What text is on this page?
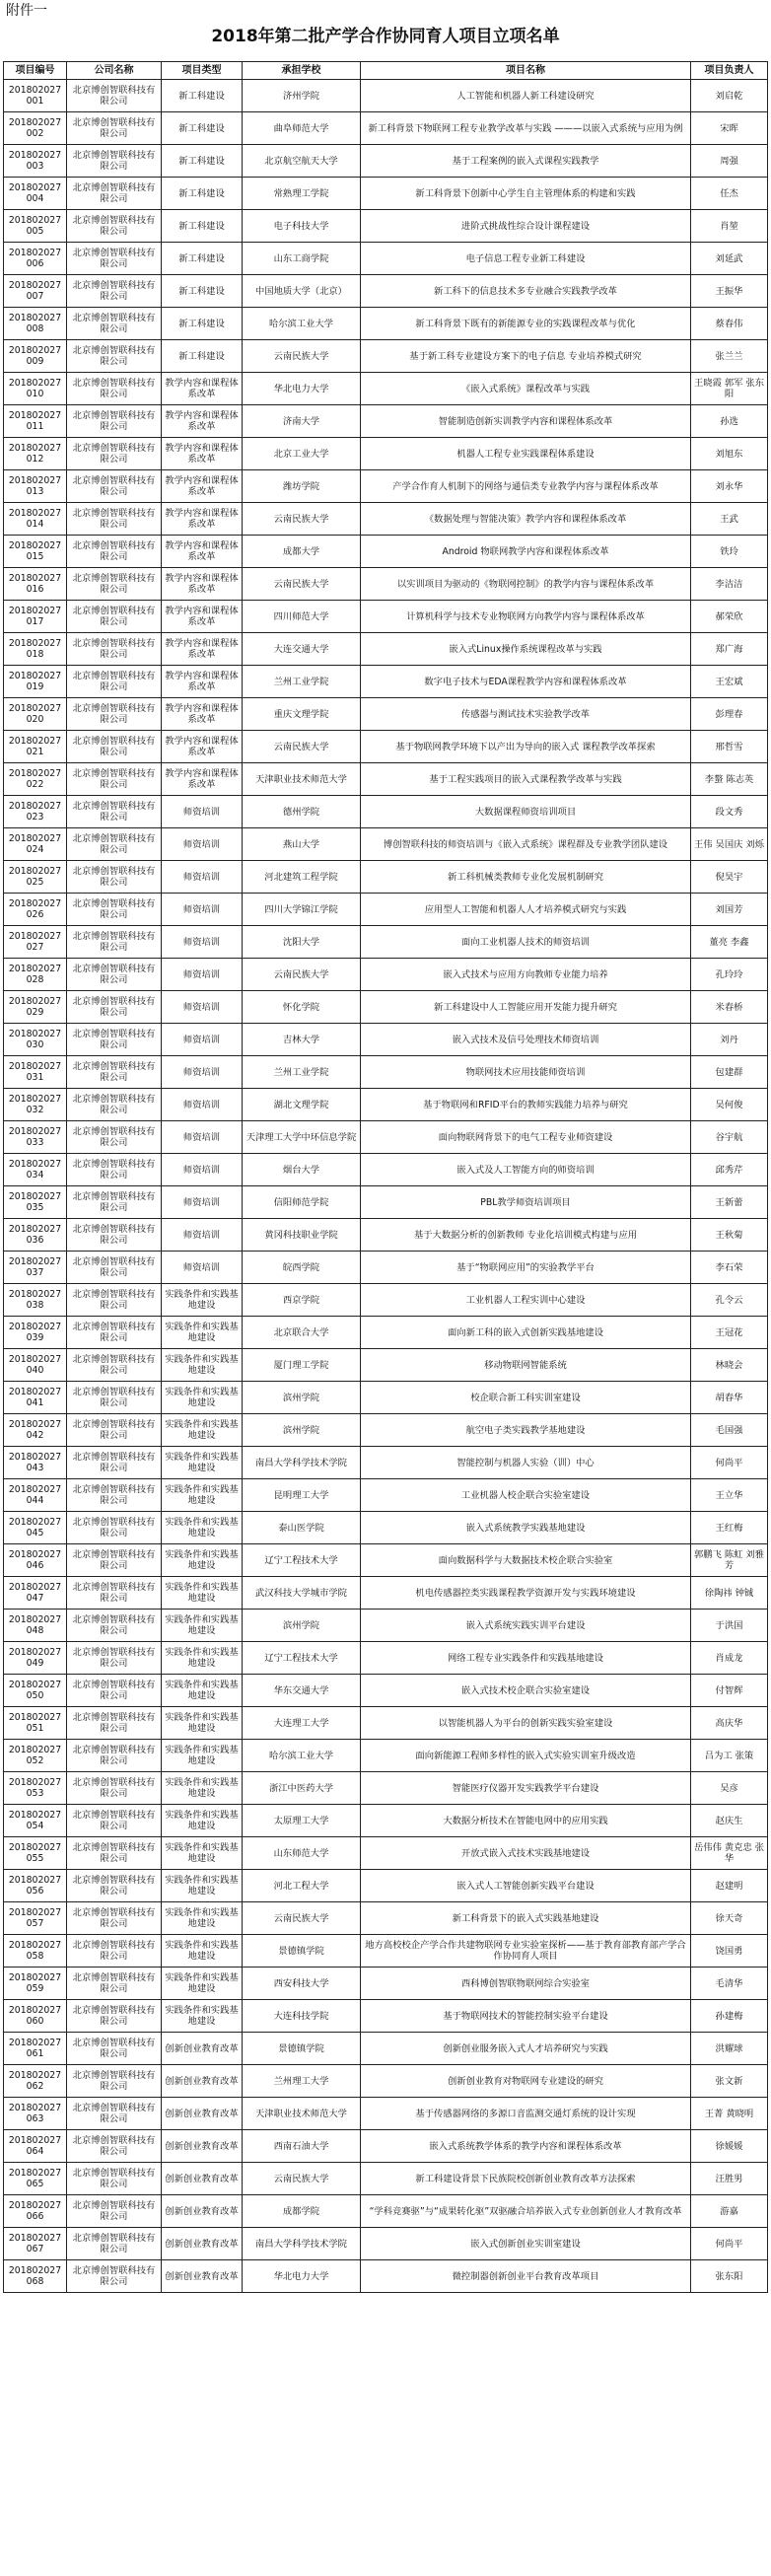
附件一
2018年第二批产学合作协同育人项目立项名单
项目编号	公司名称	项目类型	承担学校	项目名称	项目负责人
201802027001	北京博创智联科技有限公司	新工科建设	济州学院	人工智能和机器人新工科建设研究	刘启乾
201802027002	北京博创智联科技有限公司	新工科建设	曲阜师范大学	新工科背景下物联网工程专业教学改革与实践 ———以嵌入式系统与应用为例	宋晖
201802027003	北京博创智联科技有限公司	新工科建设	北京航空航天大学	基于工程案例的嵌入式课程实践教学	周强
201802027004	北京博创智联科技有限公司	新工科建设	常熟理工学院	新工科背景下创新中心学生自主管理体系的构建和实践	任杰
201802027005	北京博创智联科技有限公司	新工科建设	电子科技大学	进阶式挑战性综合设计课程建设	肖堃
201802027006	北京博创智联科技有限公司	新工科建设	山东工商学院	电子信息工程专业新工科建设	刘延武
201802027007	北京博创智联科技有限公司	新工科建设	中国地质大学（北京）	新工科下的信息技术多专业融合实践教学改革	王振华
201802027008	北京博创智联科技有限公司	新工科建设	哈尔滨工业大学	新工科背景下既有的新能源专业的实践课程改革与优化	蔡春伟
201802027009	北京博创智联科技有限公司	新工科建设	云南民族大学	基于新工科专业建设方案下的电子信息 专业培养模式研究	张兰兰
201802027010	北京博创智联科技有限公司	教学内容和课程体系改革	华北电力大学	《嵌入式系统》课程改革与实践	王晓霞 郭军 张东阳
201802027011	北京博创智联科技有限公司	教学内容和课程体系改革	济南大学	智能制造创新实训教学内容和课程体系改革	孙选
201802027012	北京博创智联科技有限公司	教学内容和课程体系改革	北京工业大学	机器人工程专业实践课程体系建设	刘旭东
201802027013	北京博创智联科技有限公司	教学内容和课程体系改革	潍坊学院	产学合作育人机制下的网络与通信类专业教学内容与课程体系改革	刘永华
201802027014	北京博创智联科技有限公司	教学内容和课程体系改革	云南民族大学	《数据处理与智能决策》教学内容和课程体系改革	王武
201802027015	北京博创智联科技有限公司	教学内容和课程体系改革	成都大学	Android 物联网教学内容和课程体系改革	铁玲
201802027016	北京博创智联科技有限公司	教学内容和课程体系改革	云南民族大学	以实训项目为驱动的《物联网控制》的教学内容与课程体系改革	李洁洁
201802027017	北京博创智联科技有限公司	教学内容和课程体系改革	四川师范大学	计算机科学与技术专业物联网方向教学内容与课程体系改革	郝荣欣
201802027018	北京博创智联科技有限公司	教学内容和课程体系改革	大连交通大学	嵌入式Linux操作系统课程改革与实践	郑广海
201802027019	北京博创智联科技有限公司	教学内容和课程体系改革	兰州工业学院	数字电子技术与EDA课程教学内容和课程体系改革	王宏斌
201802027020	北京博创智联科技有限公司	教学内容和课程体系改革	重庆文理学院	传感器与测试技术实验教学改革	彭理春
201802027021	北京博创智联科技有限公司	教学内容和课程体系改革	云南民族大学	基于物联网教学环境下以产出为导向的嵌入式 课程教学改革探索	邢哲雪
201802027022	北京博创智联科技有限公司	教学内容和课程体系改革	天津职业技术师范大学	基于工程实践项目的嵌入式课程教学改革与实践	李螯 陈志英
201802027023	北京博创智联科技有限公司	师资培训	德州学院	大数据课程师资培训项目	段文秀
201802027024	北京博创智联科技有限公司	师资培训	燕山大学	博创智联科技的师资培训与《嵌入式系统》课程群及专业教学团队建设	王伟 吴国庆 刘烁
201802027025	北京博创智联科技有限公司	师资培训	河北建筑工程学院	新工科机械类教师专业化发展机制研究	倪昊宇
201802027026	北京博创智联科技有限公司	师资培训	四川大学锦江学院	应用型人工智能和机器人人才培养模式研究与实践	刘国芳
201802027027	北京博创智联科技有限公司	师资培训	沈阳大学	面向工业机器人技术的师资培训	董亮 李鑫
201802027028	北京博创智联科技有限公司	师资培训	云南民族大学	嵌入式技术与应用方向教师专业能力培养	孔玲玲
201802027029	北京博创智联科技有限公司	师资培训	怀化学院	新工科建设中人工智能应用开发能力提升研究	米春桥
201802027030	北京博创智联科技有限公司	师资培训	吉林大学	嵌入式技术及信号处理技术师资培训	刘丹
201802027031	北京博创智联科技有限公司	师资培训	兰州工业学院	物联网技术应用技能师资培训	包建群
201802027032	北京博创智联科技有限公司	师资培训	湖北文理学院	基于物联网和RFID平台的教师实践能力培养与研究	吴何俊
201802027033	北京博创智联科技有限公司	师资培训	天津理工大学中环信息学院	面向物联网背景下的电气工程专业师资建设	谷宇航
201802027034	北京博创智联科技有限公司	师资培训	烟台大学	嵌入式及人工智能方向的师资培训	邱秀芹
201802027035	北京博创智联科技有限公司	师资培训	信阳师范学院	PBL教学师资培训项目	王新蕾
201802027036	北京博创智联科技有限公司	师资培训	黄冈科技职业学院	基于大数据分析的创新教师 专业化培训模式构建与应用	王秋菊
201802027037	北京博创智联科技有限公司	师资培训	皖西学院	基于“物联网应用”的实验教学平台	李石荣
201802027038	北京博创智联科技有限公司	实践条件和实践基地建设	西京学院	工业机器人工程实训中心建设	孔令云
201802027039	北京博创智联科技有限公司	实践条件和实践基地建设	北京联合大学	面向新工科的嵌入式创新实践基地建设	王冠花
201802027040	北京博创智联科技有限公司	实践条件和实践基地建设	厦门理工学院	移动物联网智能系统	林晓会
201802027041	北京博创智联科技有限公司	实践条件和实践基地建设	滨州学院	校企联合新工科实训室建设	胡春华
201802027042	北京博创智联科技有限公司	实践条件和实践基地建设	滨州学院	航空电子类实践教学基地建设	毛国强
201802027043	北京博创智联科技有限公司	实践条件和实践基地建设	南昌大学科学技术学院	智能控制与机器人实验（训）中心	何尚平
201802027044	北京博创智联科技有限公司	实践条件和实践基地建设	昆明理工大学	工业机器人校企联合实验室建设	王立华
201802027045	北京博创智联科技有限公司	实践条件和实践基地建设	泰山医学院	嵌入式系统教学实践基地建设	王红梅
201802027046	北京博创智联科技有限公司	实践条件和实践基地建设	辽宁工程技术大学	面向数据科学与大数据技术校企联合实验室	郭鹏飞 陈虹 刘雅芳
201802027047	北京博创智联科技有限公司	实践条件和实践基地建设	武汉科技大学城市学院	机电传感器控类实践课程教学资源开发与实践环境建设	徐陶祎 钟铖
201802027048	北京博创智联科技有限公司	实践条件和实践基地建设	滨州学院	嵌入式系统实践实训平台建设	于洪国
201802027049	北京博创智联科技有限公司	实践条件和实践基地建设	辽宁工程技术大学	网络工程专业实践条件和实践基地建设	肖成龙
201802027050	北京博创智联科技有限公司	实践条件和实践基地建设	华东交通大学	嵌入式技术校企联合实验室建设	付智辉
201802027051	北京博创智联科技有限公司	实践条件和实践基地建设	大连理工大学	以智能机器人为平台的创新实践实验室建设	高庆华
201802027052	北京博创智联科技有限公司	实践条件和实践基地建设	哈尔滨工业大学	面向新能源工程师多样性的嵌入式实验实训室升级改造	吕为工 张策
201802027053	北京博创智联科技有限公司	实践条件和实践基地建设	浙江中医药大学	智能医疗仪器开发实践教学平台建设	吴彦
201802027054	北京博创智联科技有限公司	实践条件和实践基地建设	太原理工大学	大数据分析技术在智能电网中的应用实践	赵庆生
201802027055	北京博创智联科技有限公司	实践条件和实践基地建设	山东师范大学	开放式嵌入式技术实践基地建设	岳伟伟 黄克忠 张华
201802027056	北京博创智联科技有限公司	实践条件和实践基地建设	河北工程大学	嵌入式人工智能创新实践平台建设	赵建明
201802027057	北京博创智联科技有限公司	实践条件和实践基地建设	云南民族大学	新工科背景下的嵌入式实践基地建设	徐天奇
201802027058	北京博创智联科技有限公司	实践条件和实践基地建设	景德镇学院	地方高校校企产学合作共建物联网专业实验室探析——基于教育部教育部产学合作协同育人项目	饶国勇
201802027059	北京博创智联科技有限公司	实践条件和实践基地建设	西安科技大学	西科博创智联物联网综合实验室	毛清华
201802027060	北京博创智联科技有限公司	实践条件和实践基地建设	大连科技学院	基于物联网技术的智能控制实验平台建设	孙建梅
201802027061	北京博创智联科技有限公司	创新创业教育改革	景德镇学院	创新创业服务嵌入式人才培养研究与实践	洪耀球
201802027062	北京博创智联科技有限公司	创新创业教育改革	兰州理工大学	创新创业教育对物联网专业建设的研究	张文新
201802027063	北京博创智联科技有限公司	创新创业教育改革	天津职业技术师范大学	基于传感器网络的多源口音监测交通灯系统的设计实现	王菁 黄晓明
201802027064	北京博创智联科技有限公司	创新创业教育改革	西南石油大学	嵌入式系统教学体系的教学内容和课程体系改革	徐媛媛
201802027065	北京博创智联科技有限公司	创新创业教育改革	云南民族大学	新工科建设背景下民族院校创新创业教育改革方法探索	汪胜男
201802027066	北京博创智联科技有限公司	创新创业教育改革	成都学院	“学科竞赛驱”与“成果转化驱”双驱融合培养嵌入式专业创新创业人才教育改革	游嘉
201802027067	北京博创智联科技有限公司	创新创业教育改革	南昌大学科学技术学院	嵌入式创新创业实训室建设	何尚平
201802027068	北京博创智联科技有限公司	创新创业教育改革	华北电力大学	微控制器创新创业平台教育改革项目	张东阳
